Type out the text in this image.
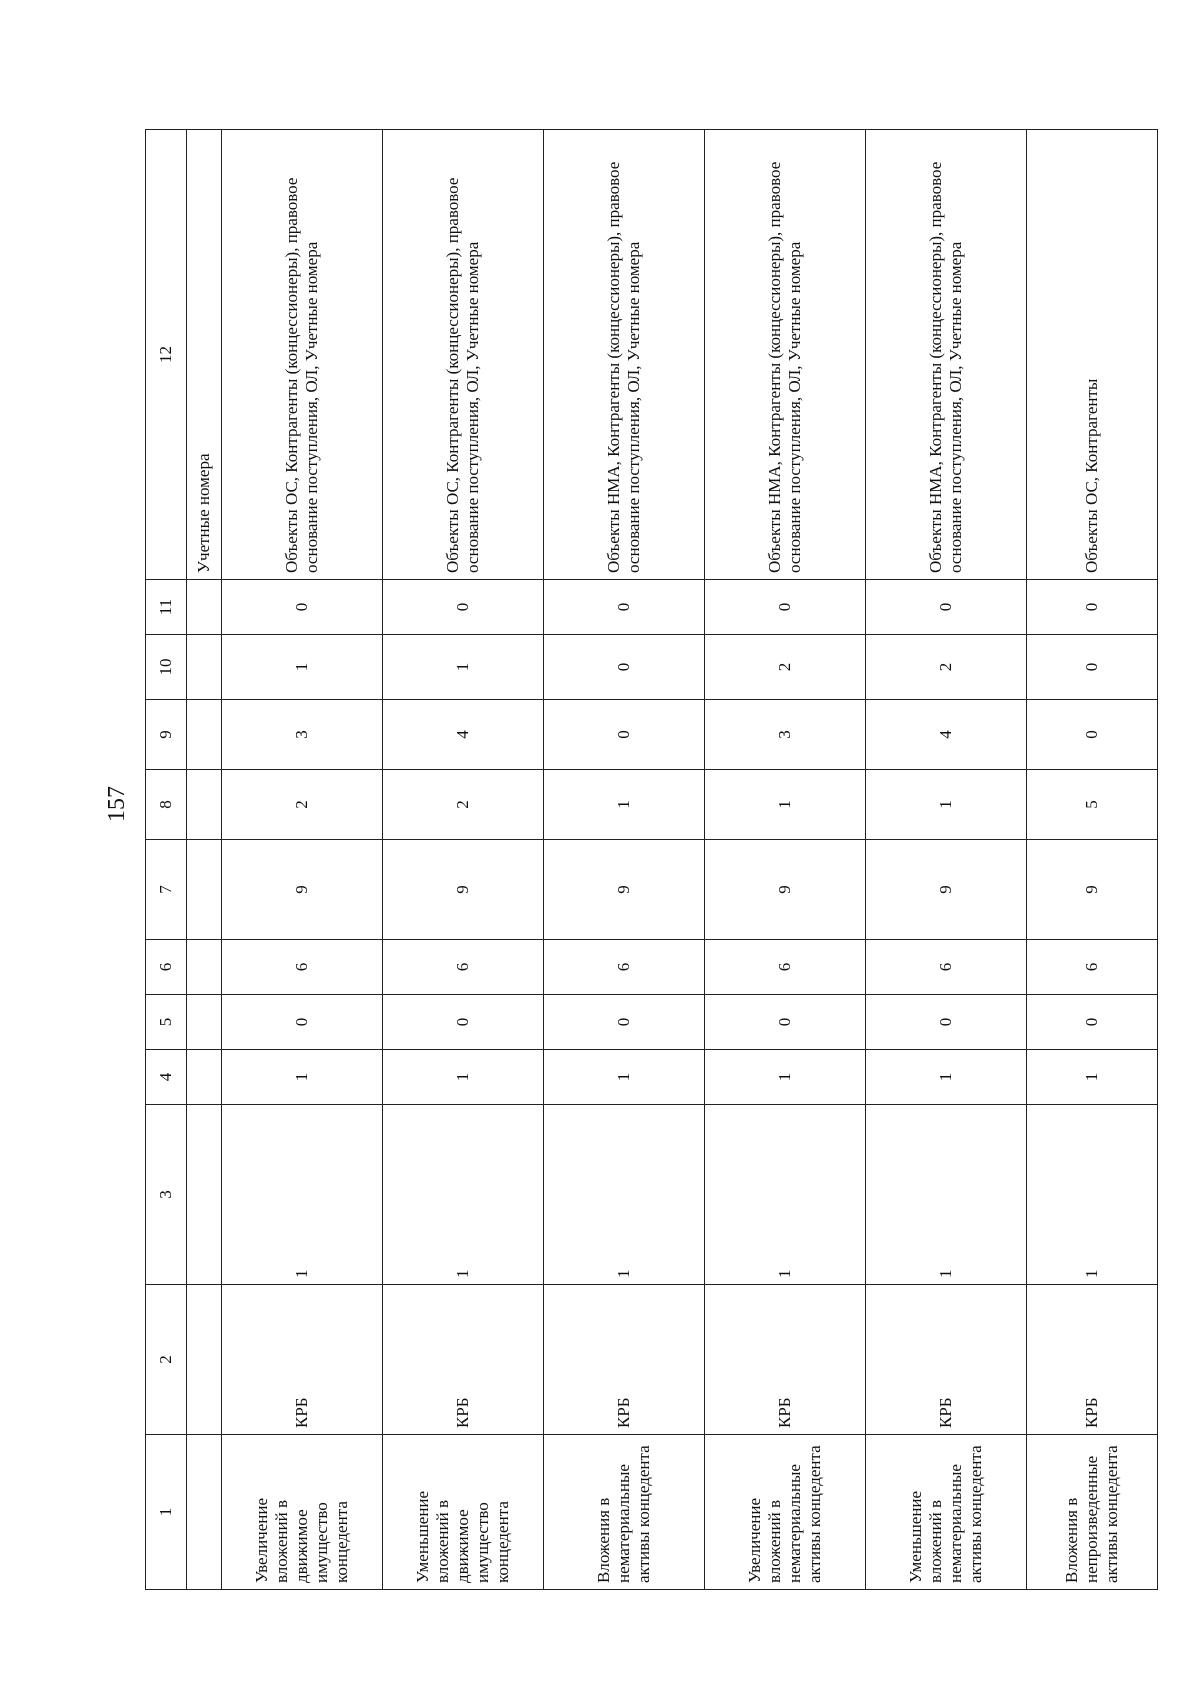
157
1	2	3	4	5	6	7	8	9	10	11	12
											Учетные номера
Увеличение вложений в движимое имущество концедента	КРБ	1	1	0	6	9	2	3	1	0	Объекты ОС, Контрагенты (концессионеры), правовое основание поступления, ОЛ, Учетные номера
Уменьшение вложений в движимое имущество концедента	КРБ	1	1	0	6	9	2	4	1	0	Объекты ОС, Контрагенты (концессионеры), правовое основание поступления, ОЛ, Учетные номера
Вложения в нематериальные активы концедента	КРБ	1	1	0	6	9	1	0	0	0	Объекты НМА, Контрагенты (концессионеры), правовое основание поступления, ОЛ, Учетные номера
Увеличение вложений в нематериальные активы концедента	КРБ	1	1	0	6	9	1	3	2	0	Объекты НМА, Контрагенты (концессионеры), правовое основание поступления, ОЛ, Учетные номера
Уменьшение вложений в нематериальные активы концедента	КРБ	1	1	0	6	9	1	4	2	0	Объекты НМА, Контрагенты (концессионеры), правовое основание поступления, ОЛ, Учетные номера
Вложения в непроизведенные активы концедента	КРБ	1	1	0	6	9	5	0	0	0	Объекты ОС, Контрагенты
